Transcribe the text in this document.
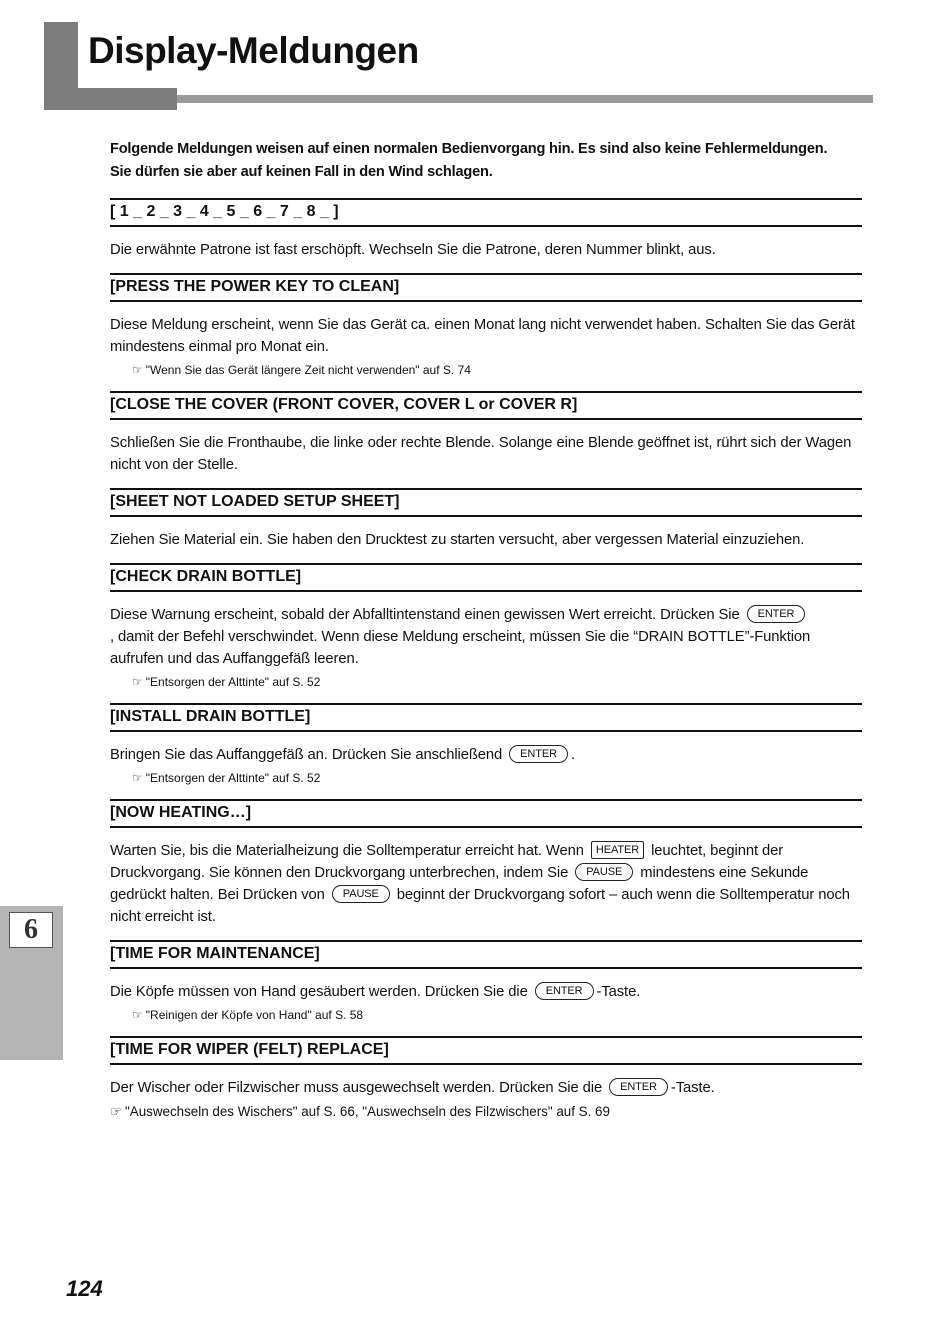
Display-Meldungen
6

Folgende Meldungen weisen auf einen normalen Bedienvorgang hin. Es sind also keine Fehlermeldungen.
Sie dürfen sie aber auf keinen Fall in den Wind schlagen.

[ 1 _ 2 _ 3 _ 4 _ 5 _ 6 _ 7 _ 8 _ ]

Die erwähnte Patrone ist fast erschöpft. Wechseln Sie die Patrone, deren Nummer blinkt, aus.

[PRESS THE POWER KEY TO CLEAN]

Diese Meldung erscheint, wenn Sie das Gerät ca. einen Monat lang nicht verwendet haben. Schalten Sie das Gerät mindestens einmal pro Monat ein.

☞ "Wenn Sie das Gerät längere Zeit nicht verwenden" auf S. 74

[CLOSE THE COVER (FRONT COVER, COVER L or COVER R]

Schließen Sie die Fronthaube, die linke oder rechte Blende. Solange eine Blende geöffnet ist, rührt sich der Wagen nicht von der Stelle.

[SHEET NOT LOADED SETUP SHEET]

Ziehen Sie Material ein. Sie haben den Drucktest zu starten versucht, aber vergessen Material einzuziehen.

[CHECK DRAIN BOTTLE]

Diese Warnung erscheint, sobald der Abfalltintenstand einen gewissen Wert erreicht. Drücken Sie ENTER
, damit der Befehl verschwindet. Wenn diese Meldung erscheint, müssen Sie die “DRAIN BOTTLE”-Funktion aufrufen und das Auffanggefäß leeren.

☞ "Entsorgen der Alttinte" auf S. 52

[INSTALL DRAIN BOTTLE]

Bringen Sie das Auffanggefäß an. Drücken Sie anschließend ENTER .

☞ "Entsorgen der Alttinte" auf S. 52

[NOW HEATING…]

Warten Sie, bis die Materialheizung die Solltemperatur erreicht hat. Wenn HEATER leuchtet, beginnt der Druckvorgang. Sie können den Druckvorgang unterbrechen, indem Sie PAUSE mindestens eine Sekunde gedrückt halten. Bei Drücken von PAUSE beginnt der Druckvorgang sofort – auch wenn die Solltemperatur noch nicht erreicht ist.

[TIME FOR MAINTENANCE]

Die Köpfe müssen von Hand gesäubert werden. Drücken Sie die ENTER -Taste.

☞ "Reinigen der Köpfe von Hand" auf S. 58

[TIME FOR WIPER (FELT) REPLACE]

Der Wischer oder Filzwischer muss ausgewechselt werden. Drücken Sie die ENTER -Taste.

☞ "Auswechseln des Wischers" auf S. 66, "Auswechseln des Filzwischers" auf S. 69

124
